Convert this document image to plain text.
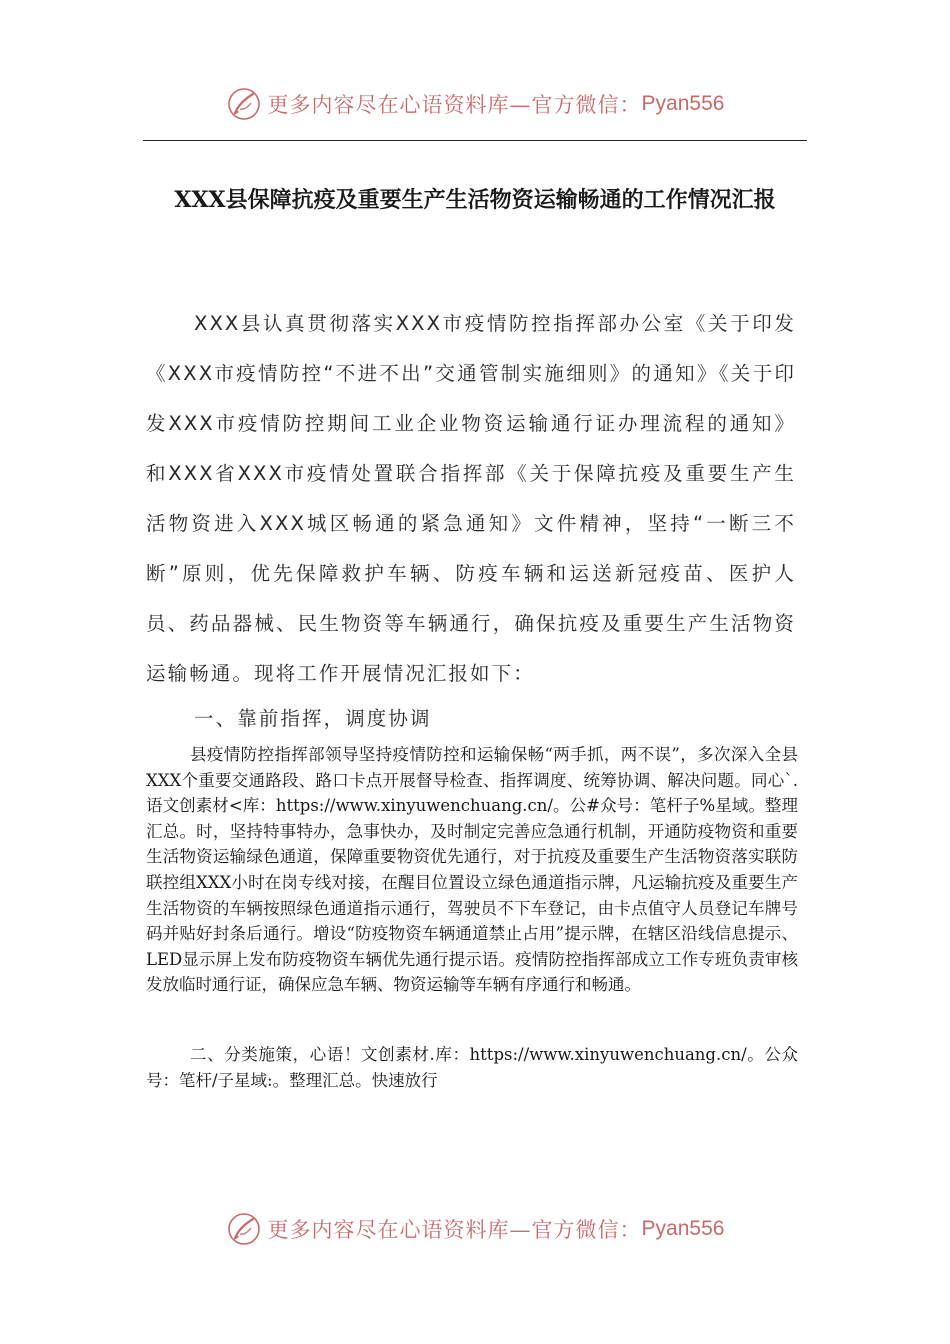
更多内容尽在心语资料库—官方微信： Pyan556
XXX县保障抗疫及重要生产生活物资运输畅通的工作情况汇报

XXX县认真贯彻落实XXX市疫情防控指挥部办公室《关于印发《XXX市疫情防控“不进不出”交通管制实施细则》的通知》《关于印发XXX市疫情防控期间工业企业物资运输通行证办理流程的通知》和XXX省XXX市疫情处置联合指挥部《关于保障抗疫及重要生产生活物资进入XXX城区畅通的紧急通知》文件精神，坚持“一断三不断”原则，优先保障救护车辆、防疫车辆和运送新冠疫苗、医护人员、药品器械、民生物资等车辆通行，确保抗疫及重要生产生活物资运输畅通。现将工作开展情况汇报如下：

一、靠前指挥，调度协调

县疫情防控指挥部领导坚持疫情防控和运输保畅“两手抓，两不误”，多次深入全县XXX个重要交通路段、路口卡点开展督导检查、指挥调度、统筹协调、解决问题。同心`.语文创素材<库：https://www.xinyuwenchuang.cn/。公#众号：笔杆子%星域。整理汇总。时，坚持特事特办，急事快办，及时制定完善应急通行机制，开通防疫物资和重要生活物资运输绿色通道，保障重要物资优先通行，对于抗疫及重要生产生活物资落实联防联控组XXX小时在岗专线对接，在醒目位置设立绿色通道指示牌，凡运输抗疫及重要生产生活物资的车辆按照绿色通道指示通行，驾驶员不下车登记，由卡点值守人员登记车牌号码并贴好封条后通行。增设“防疫物资车辆通道禁止占用”提示牌，在辖区沿线信息提示、LED显示屏上发布防疫物资车辆优先通行提示语。疫情防控指挥部成立工作专班负责审核发放临时通行证，确保应急车辆、物资运输等车辆有序通行和畅通。

二、分类施策，心语！文创素材.库：https://www.xinyuwenchuang.cn/。公众号：笔杆/子星域:。整理汇总。快速放行

更多内容尽在心语资料库—官方微信： Pyan556
